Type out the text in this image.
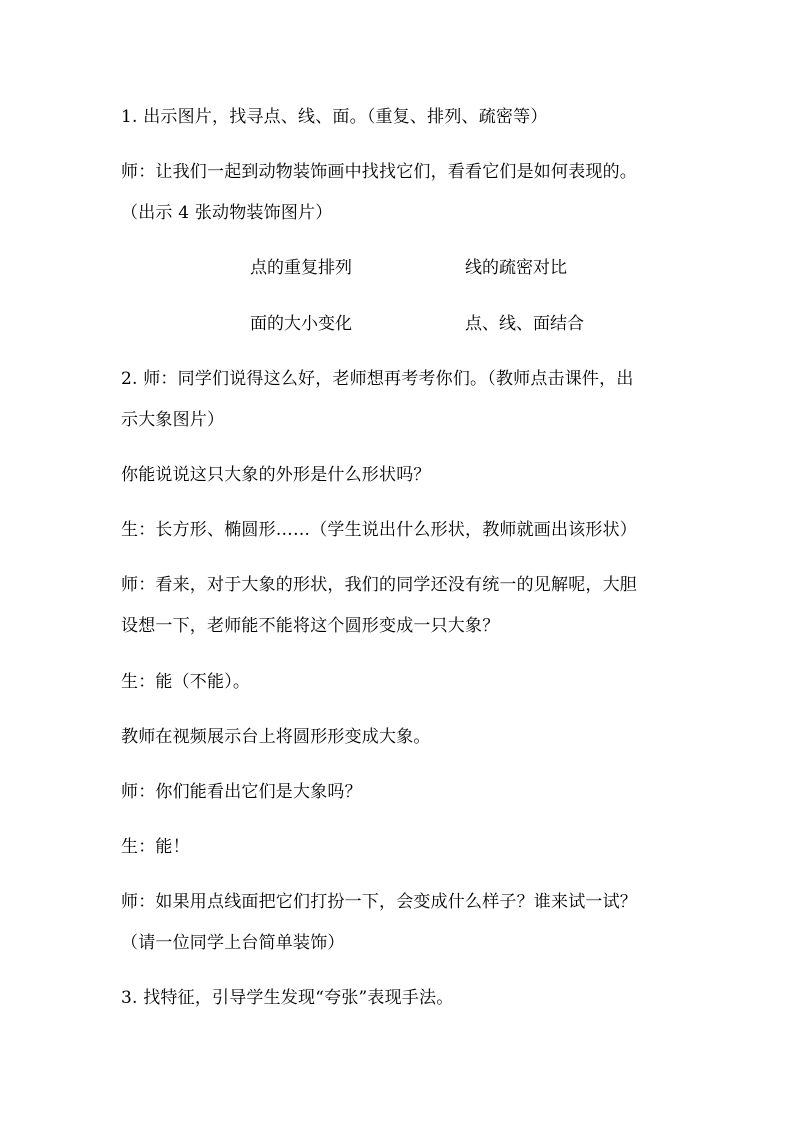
1. 出示图片，找寻点、线、面。（重复、排列、疏密等）
师：让我们一起到动物装饰画中找找它们，看看它们是如何表现的。
（出示 4 张动物装饰图片）
点的重复排列	线的疏密对比
面的大小变化	点、线、面结合
2. 师：同学们说得这么好，老师想再考考你们。（教师点击课件，出
示大象图片）
你能说说这只大象的外形是什么形状吗？
生：长方形、椭圆形……（学生说出什么形状，教师就画出该形状）
师：看来，对于大象的形状，我们的同学还没有统一的见解呢，大胆
设想一下，老师能不能将这个圆形变成一只大象？
生：能（不能）。
教师在视频展示台上将圆形形变成大象。
师：你们能看出它们是大象吗？
生：能！
师：如果用点线面把它们打扮一下，会变成什么样子？谁来试一试？
（请一位同学上台简单装饰）
3. 找特征，引导学生发现“夸张”表现手法。
